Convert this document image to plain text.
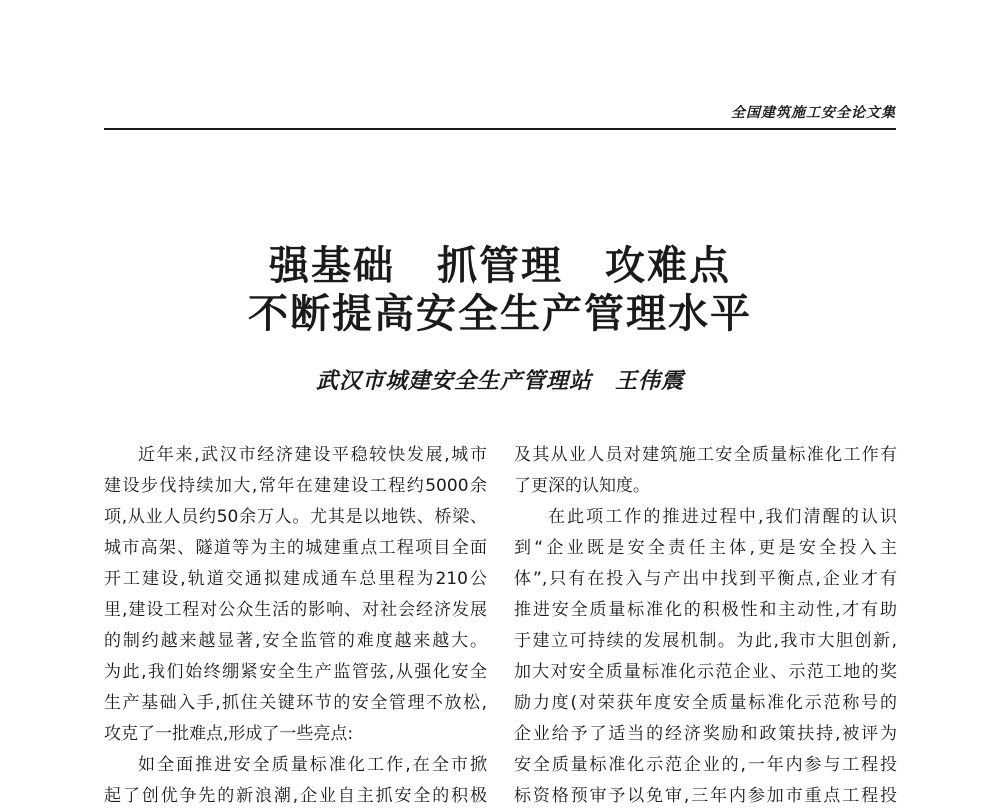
全国建筑施工安全论文集
强基础　抓管理　攻难点
不断提高安全生产管理水平
武汉市城建安全生产管理站　王伟震
近年来,武汉市经济建设平稳较快发展,城市
建设步伐持续加大,常年在建建设工程约5000余
项,从业人员约50余万人。尤其是以地铁、桥梁、
城市高架、隧道等为主的城建重点工程项目全面
开工建设,轨道交通拟建成通车总里程为210公
里,建设工程对公众生活的影响、对社会经济发展
的制约越来越显著,安全监管的难度越来越大。
为此,我们始终绷紧安全生产监管弦,从强化安全
生产基础入手,抓住关键环节的安全管理不放松,
攻克了一批难点,形成了一些亮点:
如全面推进安全质量标准化工作,在全市掀
起了创优争先的新浪潮,企业自主抓安全的积极
及其从业人员对建筑施工安全质量标准化工作有
了更深的认知度。
在此项工作的推进过程中,我们清醒的认识
到“企业既是安全责任主体,更是安全投入主
体”,只有在投入与产出中找到平衡点,企业才有
推进安全质量标准化的积极性和主动性,才有助
于建立可持续的发展机制。为此,我市大胆创新,
加大对安全质量标准化示范企业、示范工地的奖
励力度(对荣获年度安全质量标准化示范称号的
企业给予了适当的经济奖励和政策扶持,被评为
安全质量标准化示范企业的,一年内参与工程投
标资格预审予以免审,三年内参加市重点工程投
